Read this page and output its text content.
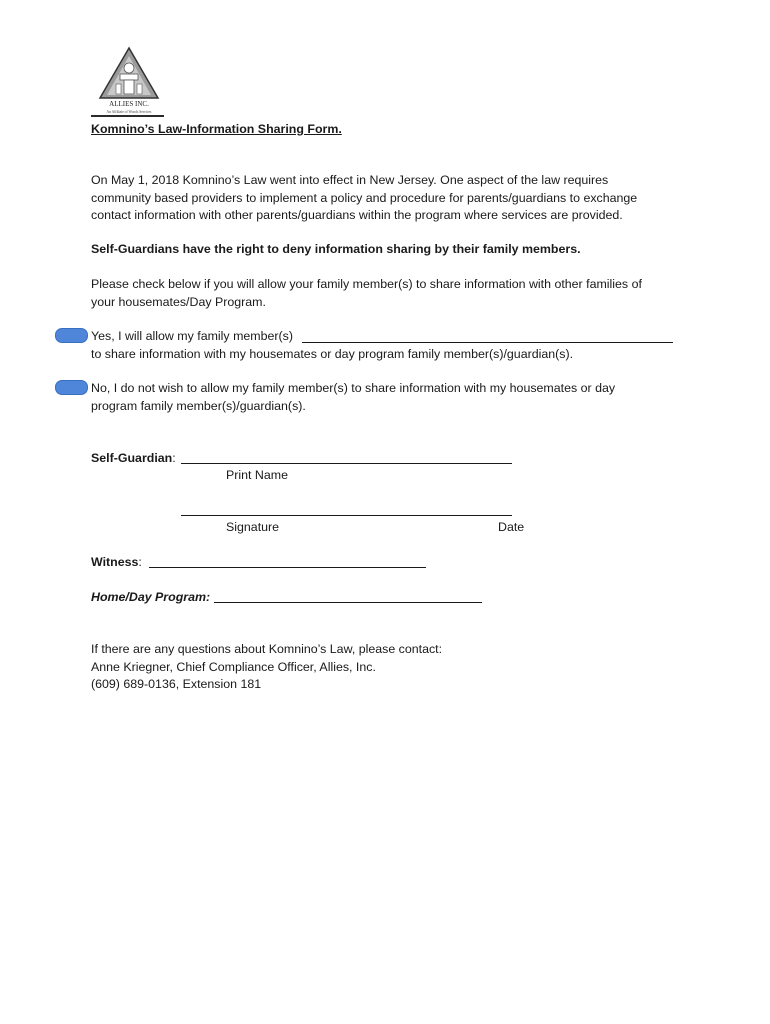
ALLIES INC.
An Affiliate of Woods Services
Komnino’s Law-Information Sharing Form.
On May 1, 2018 Komnino’s Law went into effect in New Jersey. One aspect of the law requires
community based providers to implement a policy and procedure for parents/guardians to exchange
contact information with other parents/guardians within the program where services are provided.
Self-Guardians have the right to deny information sharing by their family members.
Please check below if you will allow your family member(s) to share information with other families of
your housemates/Day Program.
Yes, I will allow my family member(s)
to share information with my housemates or day program family member(s)/guardian(s).
No, I do not wish to allow my family member(s) to share information with my housemates or day
program family member(s)/guardian(s).
Self-Guardian:
Print Name
Signature	Date
Witness:
Home/Day Program:
If there are any questions about Komnino’s Law, please contact:
Anne Kriegner, Chief Compliance Officer, Allies, Inc.
(609) 689-0136, Extension 181
